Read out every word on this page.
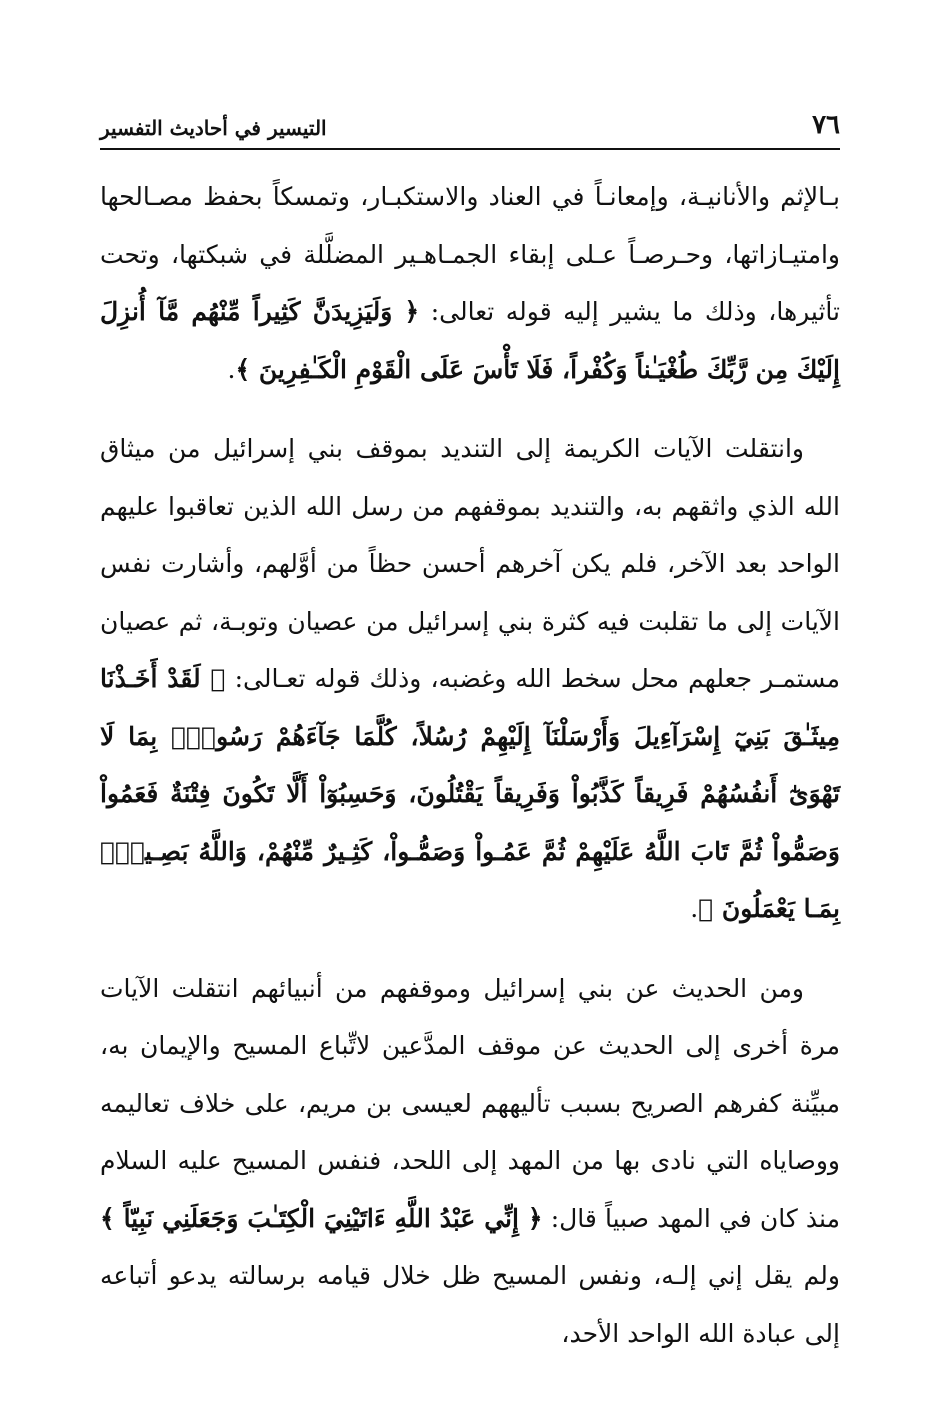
٧٦
التيسير في أحاديث التفسير

بـالإثم والأنانيـة، وإمعانـاً في العناد والاستكبـار، وتمسكاً بحفظ مصـالحها وامتيـازاتها، وحـرصـاً عـلى إبقاء الجمـاهـير المضلَّلة في شبكتها، وتحت تأثيرها، وذلك ما يشير إليه قوله تعالى: ﴿ وَلَيَزِيدَنَّ كَثِيراً مِّنْهُم مَّآ أُنزِلَ إِلَيْكَ مِن رَّبِّكَ طُغْيَـٰناً وَكُفْراً، فَلَا تَأْسَ عَلَى الْقَوْمِ الْكَـٰفِرِينَ ﴾.

وانتقلت الآيات الكريمة إلى التنديد بموقف بني إسرائيل من ميثاق الله الذي واثقهم به، والتنديد بموقفهم من رسل الله الذين تعاقبوا عليهم الواحد بعد الآخر، فلم يكن آخرهم أحسن حظاً من أوَّلهم، وأشارت نفس الآيات إلى ما تقلبت فيه كثرة بني إسرائيل من عصيان وتوبـة، ثم عصيان مستمـر جعلهم محل سخط الله وغضبه، وذلك قوله تعـالى: ﴿ لَقَدْ أَخَـذْنَا مِيثَـٰقَ بَنِيٓ إِسْرَآءِيلَ وَأَرْسَلْنَآ إِلَيْهِمْ رُسُلاً، كُلَّمَا جَآءَهُمْ رَسُولُۢ بِمَا لَا تَهْوَىٰٓ أَنفُسُهُمْ فَرِيقاً كَذَّبُواْ وَفَرِيقاً يَقْتُلُونَ، وَحَسِبُوٓاْ أَلَّا تَكُونَ فِتْنَةٌ فَعَمُواْ وَصَمُّواْ ثُمَّ تَابَ اللَّهُ عَلَيْهِمْ ثُمَّ عَمُـواْ وَصَمُّـواْ، كَثِـيرٌ مِّنْهُمْ، وَاللَّهُ بَصِـيرُۢ بِمَـا يَعْمَلُونَ ﴾.

ومن الحديث عن بني إسرائيل وموقفهم من أنبيائهم انتقلت الآيات مرة أخرى إلى الحديث عن موقف المدَّعين لاتِّباع المسيح والإيمان به، مبيِّنة كفرهم الصريح بسبب تأليههم لعيسى بن مريم، على خلاف تعاليمه ووصاياه التي نادى بها من المهد إلى اللحد، فنفس المسيح عليه السلام منذ كان في المهد صبياً قال: ﴿ إِنِّي عَبْدُ اللَّهِ ءَاتَيْنِيَ الْكِتَـٰبَ وَجَعَلَنِي نَبِيّاً ﴾ ولم يقل إني إلـه، ونفس المسيح ظل خلال قيامه برسالته يدعو أتباعه إلى عبادة الله الواحد الأحد،
